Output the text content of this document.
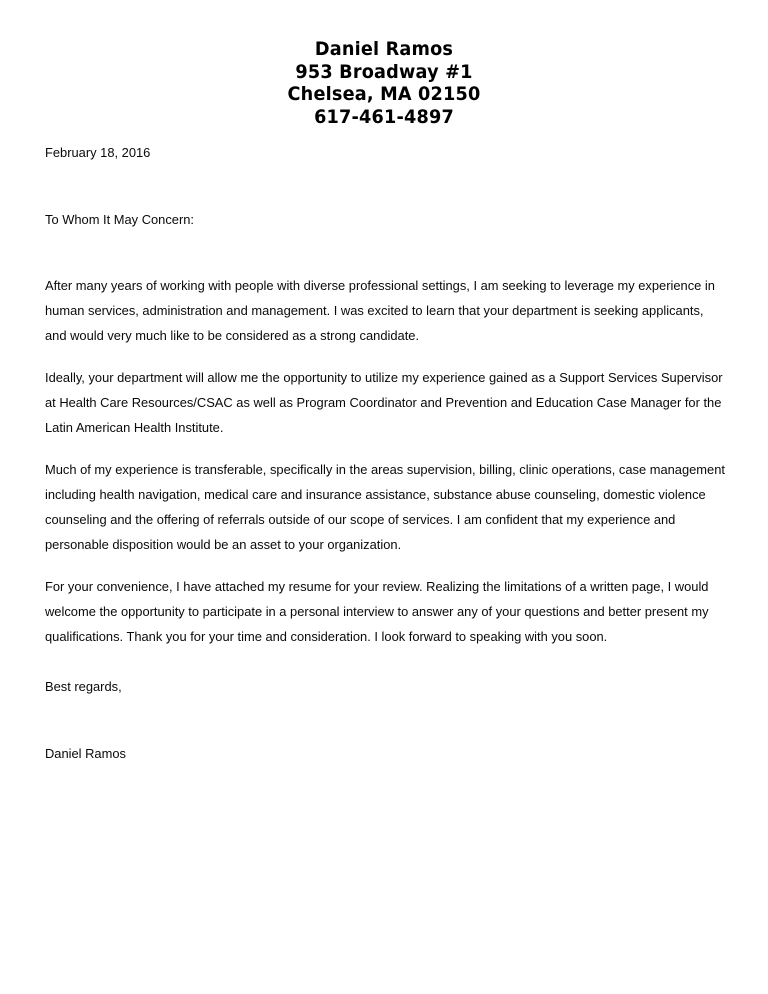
Daniel Ramos
953 Broadway #1
Chelsea, MA 02150
617-461-4897

February 18, 2016

To Whom It May Concern:

After many years of working with people with diverse professional settings, I am seeking to leverage my experience in human services, administration and management. I was excited to learn that your department is seeking applicants, and would very much like to be considered as a strong candidate.

Ideally, your department will allow me the opportunity to utilize my experience gained as a Support Services Supervisor at Health Care Resources/CSAC as well as Program Coordinator and Prevention and Education Case Manager for the Latin American Health Institute.

Much of my experience is transferable, specifically in the areas supervision, billing, clinic operations, case management including health navigation, medical care and insurance assistance, substance abuse counseling, domestic violence counseling and the offering of referrals outside of our scope of services. I am confident that my experience and personable disposition would be an asset to your organization.

For your convenience, I have attached my resume for your review. Realizing the limitations of a written page, I would welcome the opportunity to participate in a personal interview to answer any of your questions and better present my qualifications. Thank you for your time and consideration. I look forward to speaking with you soon.

Best regards,

Daniel Ramos
